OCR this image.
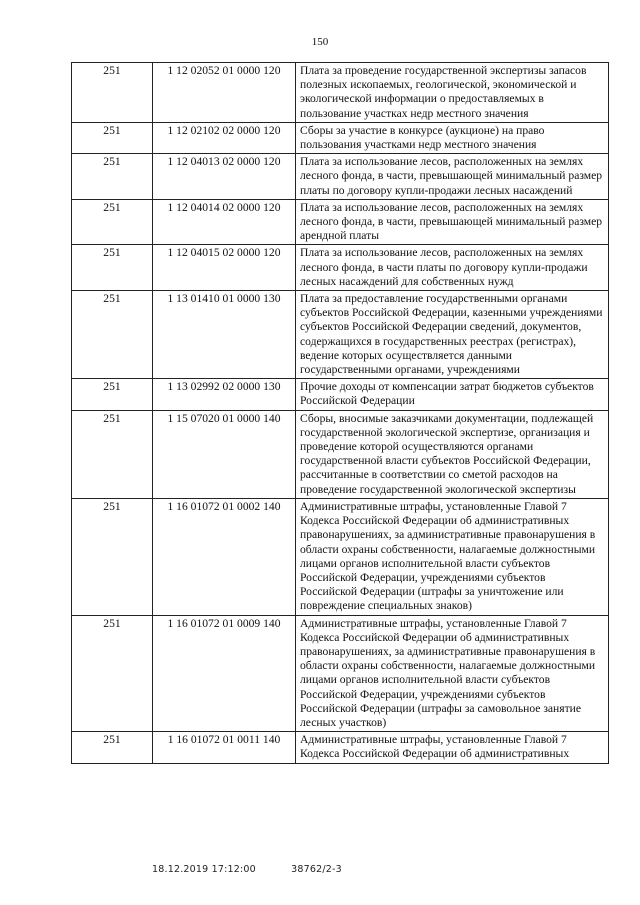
150
251	1 12 02052 01 0000 120	Плата за проведение государственной экспертизы запасов полезных ископаемых, геологической, экономической и экологической информации о предоставляемых в пользование участках недр местного значения
251	1 12 02102 02 0000 120	Сборы за участие в конкурсе (аукционе) на право пользования участками недр местного значения
251	1 12 04013 02 0000 120	Плата за использование лесов, расположенных на землях лесного фонда, в части, превышающей минимальный размер платы по договору купли-продажи лесных насаждений
251	1 12 04014 02 0000 120	Плата за использование лесов, расположенных на землях лесного фонда, в части, превышающей минимальный размер арендной платы
251	1 12 04015 02 0000 120	Плата за использование лесов, расположенных на землях лесного фонда, в части платы по договору купли-продажи лесных насаждений для собственных нужд
251	1 13 01410 01 0000 130	Плата за предоставление государственными органами субъектов Российской Федерации, казенными учреждениями субъектов Российской Федерации сведений, документов, содержащихся в государственных реестрах (регистрах), ведение которых осуществляется данными государственными органами, учреждениями
251	1 13 02992 02 0000 130	Прочие доходы от компенсации затрат бюджетов субъектов Российской Федерации
251	1 15 07020 01 0000 140	Сборы, вносимые заказчиками документации, подлежащей государственной экологической экспертизе, организация и проведение которой осуществляются органами государственной власти субъектов Российской Федерации, рассчитанные в соответствии со сметой расходов на проведение государственной экологической экспертизы
251	1 16 01072 01 0002 140	Административные штрафы, установленные Главой 7 Кодекса Российской Федерации об административных правонарушениях, за административные правонарушения в области охраны собственности, налагаемые должностными лицами органов исполнительной власти субъектов Российской Федерации, учреждениями субъектов Российской Федерации (штрафы за уничтожение или повреждение специальных знаков)
251	1 16 01072 01 0009 140	Административные штрафы, установленные Главой 7 Кодекса Российской Федерации об административных правонарушениях, за административные правонарушения в области охраны собственности, налагаемые должностными лицами органов исполнительной власти субъектов Российской Федерации, учреждениями субъектов Российской Федерации (штрафы за самовольное занятие лесных участков)
251	1 16 01072 01 0011 140	Административные штрафы, установленные Главой 7 Кодекса Российской Федерации об административных
18.12.2019 17:12:00	38762/2-3
